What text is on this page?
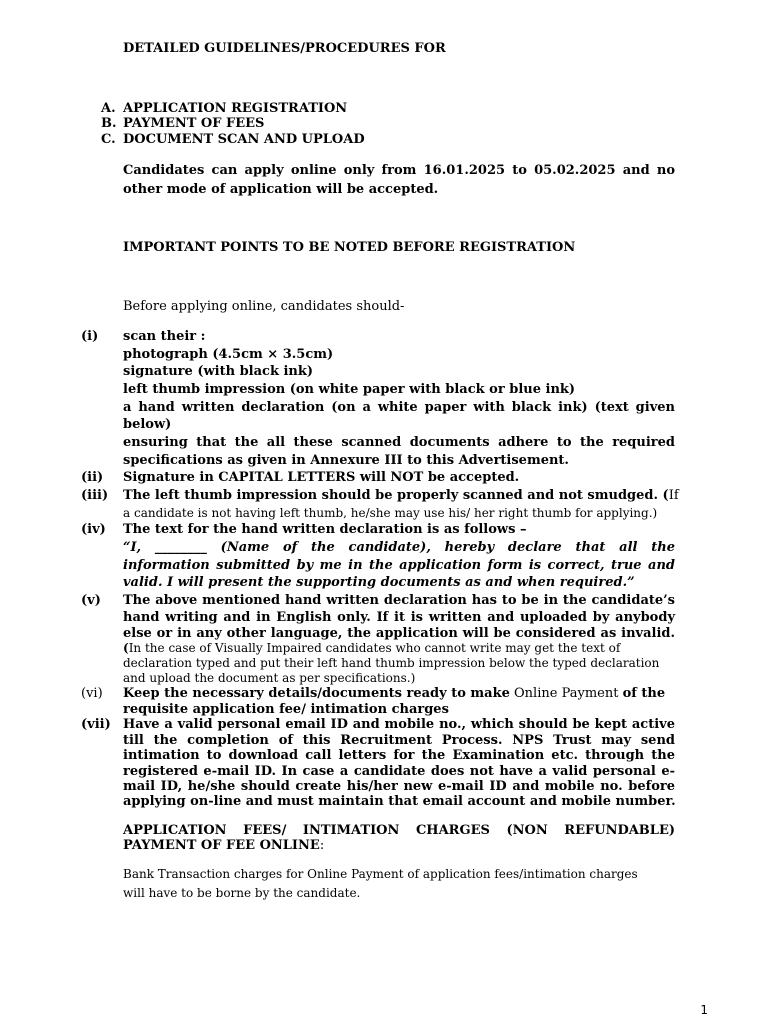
DETAILED GUIDELINES/PROCEDURES FOR

A. APPLICATION REGISTRATION

B. PAYMENT OF FEES

C. DOCUMENT SCAN AND UPLOAD

Candidates can apply online only from 16.01.2025 to 05.02.2025 and no

other mode of application will be accepted.

IMPORTANT POINTS TO BE NOTED BEFORE REGISTRATION

Before applying online, candidates should-

(i) scan their :

photograph (4.5cm × 3.5cm)

signature (with black ink)

left thumb impression (on white paper with black or blue ink)

a hand written declaration (on a white paper with black ink) (text given

below)

ensuring that the all these scanned documents adhere to the required

specifications as given in Annexure III to this Advertisement.

(ii) Signature in CAPITAL LETTERS will NOT be accepted.

(iii) The left thumb impression should be properly scanned and not smudged. (If

a candidate is not having left thumb, he/she may use his/ her right thumb for applying.)

(iv) The text for the hand written declaration is as follows –

“I, ________ (Name of the candidate), hereby declare that all the

information submitted by me in the application form is correct, true and

valid. I will present the supporting documents as and when required.”

(v) The above mentioned hand written declaration has to be in the candidate’s

hand writing and in English only. If it is written and uploaded by anybody

else or in any other language, the application will be considered as invalid.

(In the case of Visually Impaired candidates who cannot write may get the text of

declaration typed and put their left hand thumb impression below the typed declaration

and upload the document as per specifications.)

(vi) Keep the necessary details/documents ready to make Online Payment of the

requisite application fee/ intimation charges

(vii) Have a valid personal email ID and mobile no., which should be kept active

till the completion of this Recruitment Process. NPS Trust may send

intimation to download call letters for the Examination etc. through the

registered e-mail ID. In case a candidate does not have a valid personal e-

mail ID, he/she should create his/her new e-mail ID and mobile no. before

applying on-line and must maintain that email account and mobile number.

APPLICATION FEES/ INTIMATION CHARGES (NON REFUNDABLE)

PAYMENT OF FEE ONLINE:

Bank Transaction charges for Online Payment of application fees/intimation charges

will have to be borne by the candidate.

1
